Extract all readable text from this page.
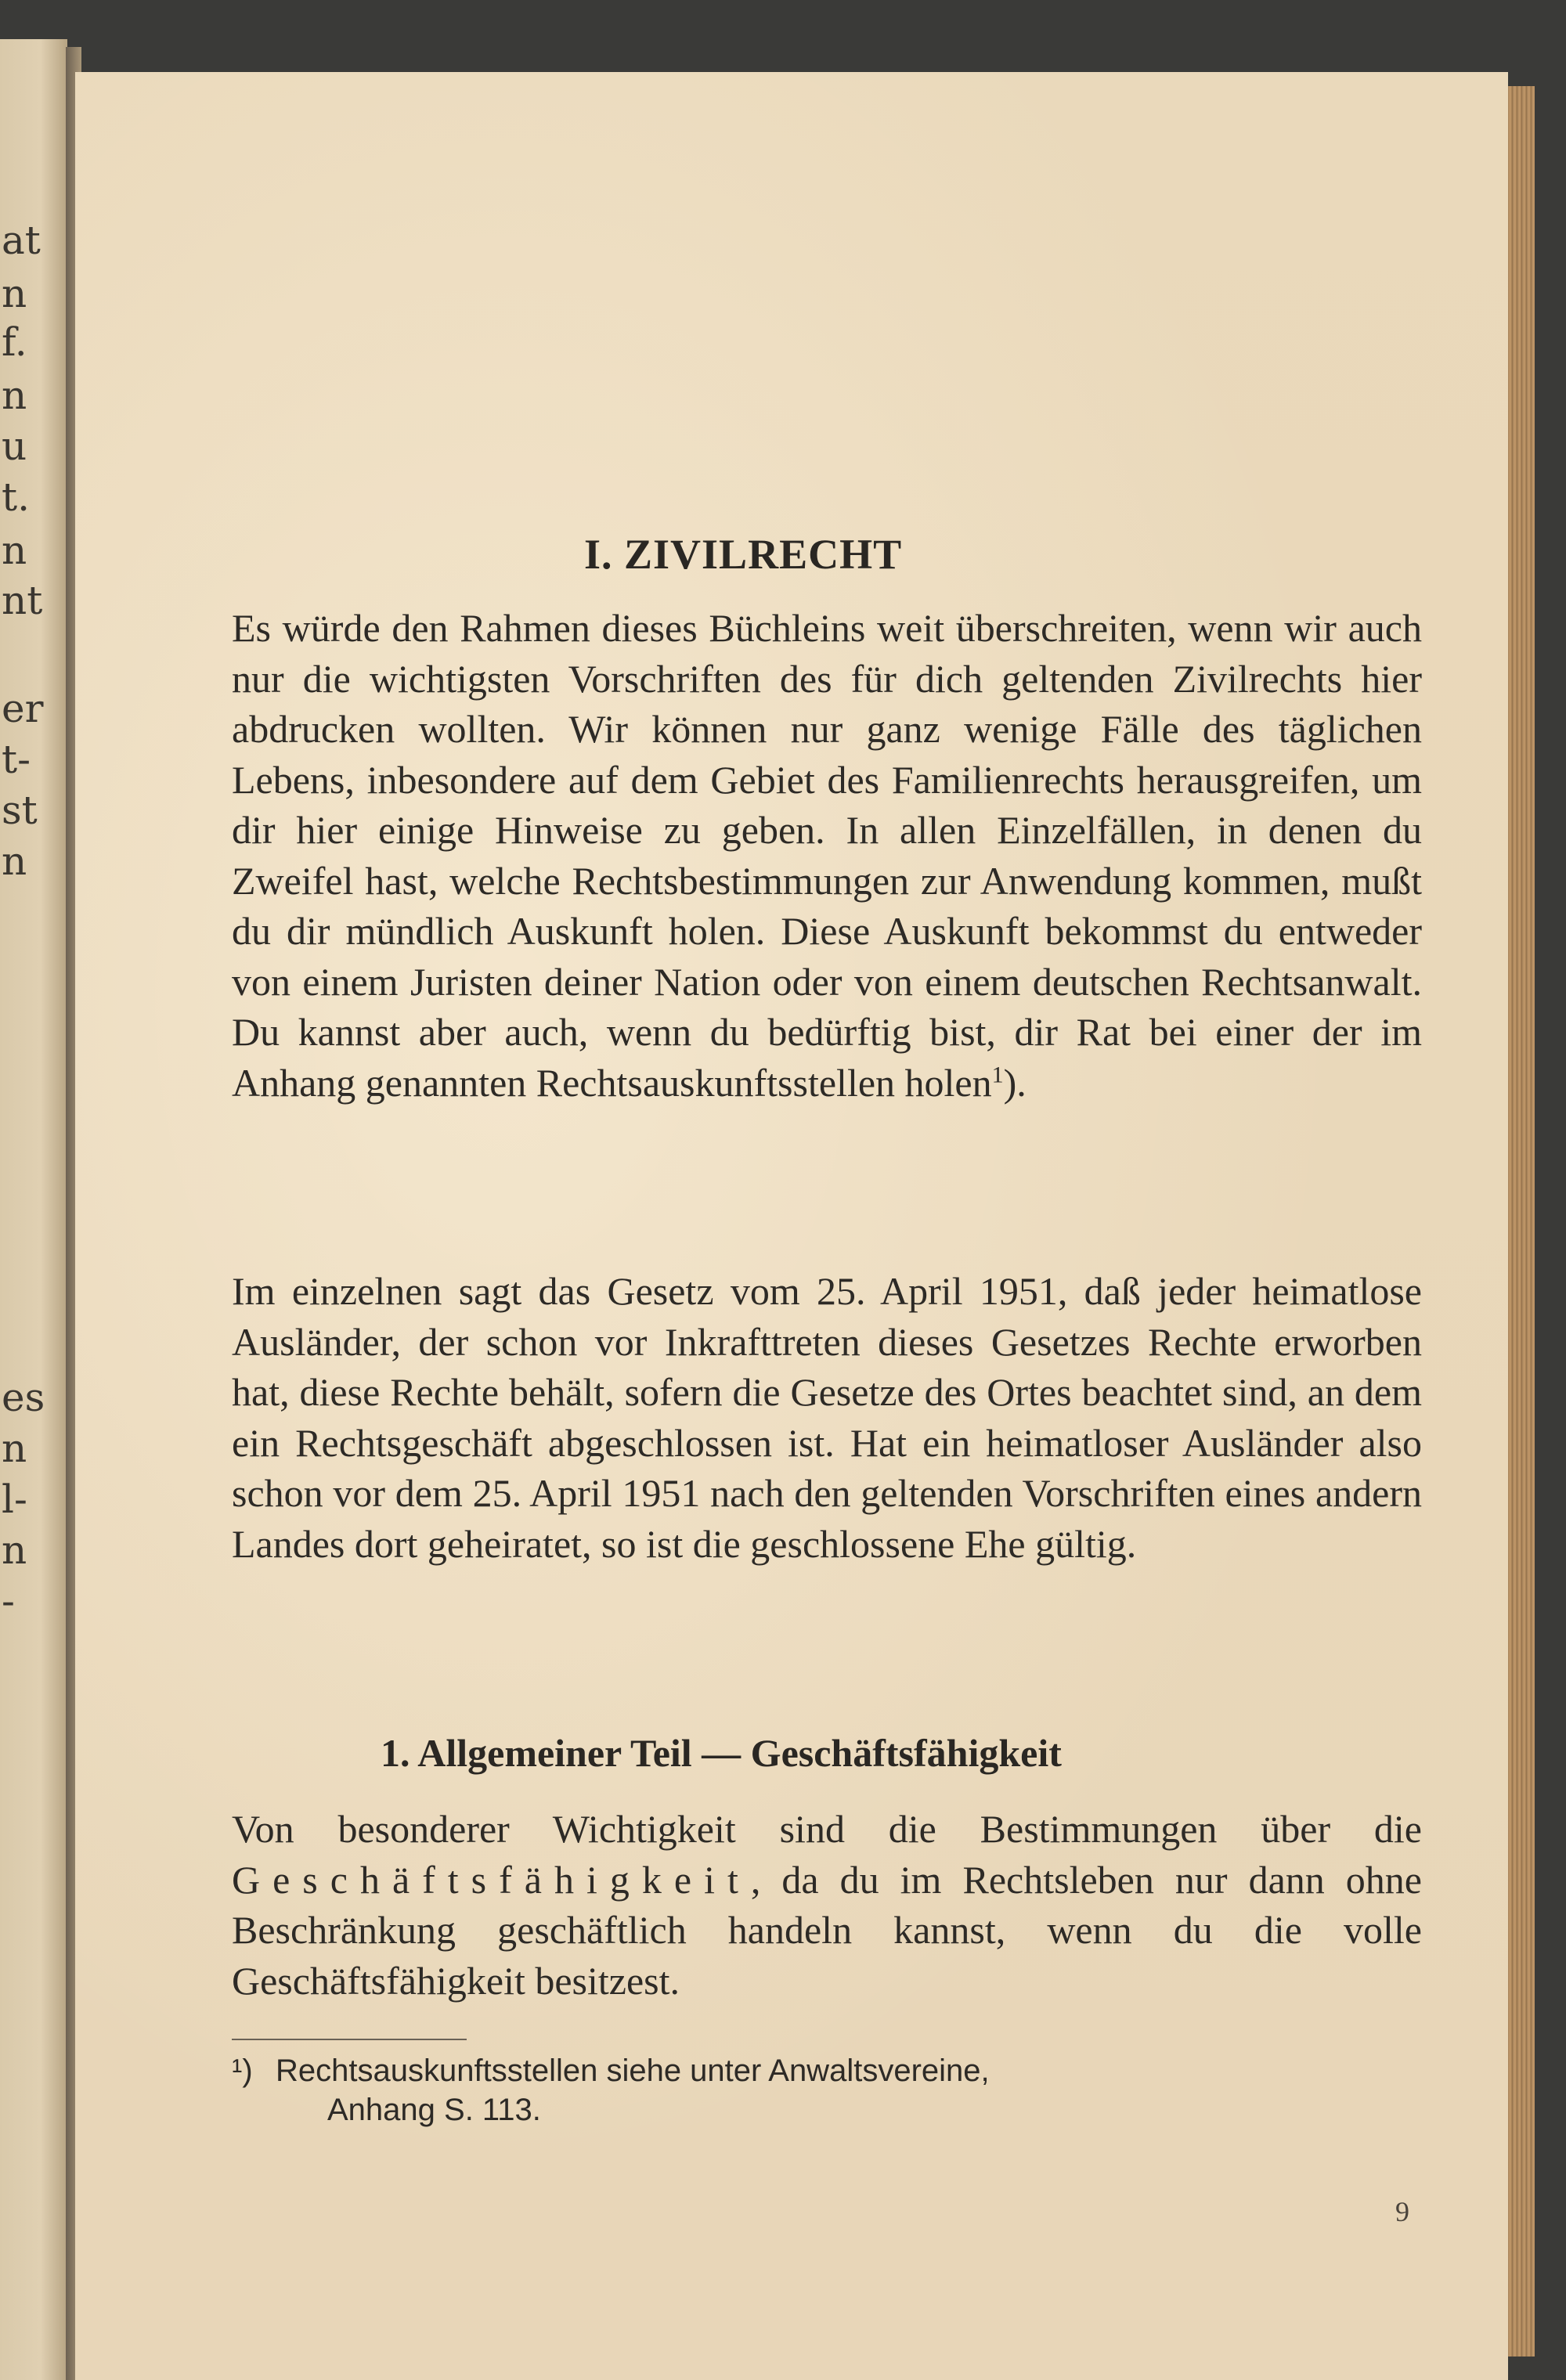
at
n
f.
n
u
t.
n
nt
er
t-
st
n
es
n
l-
n
-
I. ZIVILRECHT

Es würde den Rahmen dieses Büchleins weit überschreiten, wenn wir auch nur die wichtigsten Vorschriften des für dich geltenden Zivilrechts hier abdrucken wollten. Wir können nur ganz wenige Fälle des täglichen Lebens, inbesondere auf dem Gebiet des Familienrechts herausgreifen, um dir hier einige Hinweise zu geben. In allen Einzelfällen, in denen du Zweifel hast, welche Rechtsbestimmungen zur Anwendung kommen, mußt du dir mündlich Auskunft holen. Diese Auskunft bekommst du entweder von einem Juristen deiner Nation oder von einem deutschen Rechtsanwalt. Du kannst aber auch, wenn du bedürftig bist, dir Rat bei einer der im Anhang genannten Rechtsauskunftsstellen holen$^1$).

Im einzelnen sagt das Gesetz vom 25. April 1951, daß jeder heimatlose Ausländer, der schon vor Inkrafttreten dieses Gesetzes Rechte erworben hat, diese Rechte behält, sofern die Gesetze des Ortes beachtet sind, an dem ein Rechtsgeschäft abgeschlossen ist. Hat ein heimatloser Ausländer also schon vor dem 25. April 1951 nach den geltenden Vorschriften eines andern Landes dort geheiratet, so ist die geschlossene Ehe gültig.

1. Allgemeiner Teil — Geschäftsfähigkeit

Von besonderer Wichtigkeit sind die Bestimmungen über die Geschäftsfähigkeit, da du im Rechtsleben nur dann ohne Beschränkung geschäftlich handeln kannst, wenn du die volle Geschäftsfähigkeit besitzest.

¹) Rechtsauskunftsstellen siehe unter Anwaltsvereine,
Anhang S. 113.
9
